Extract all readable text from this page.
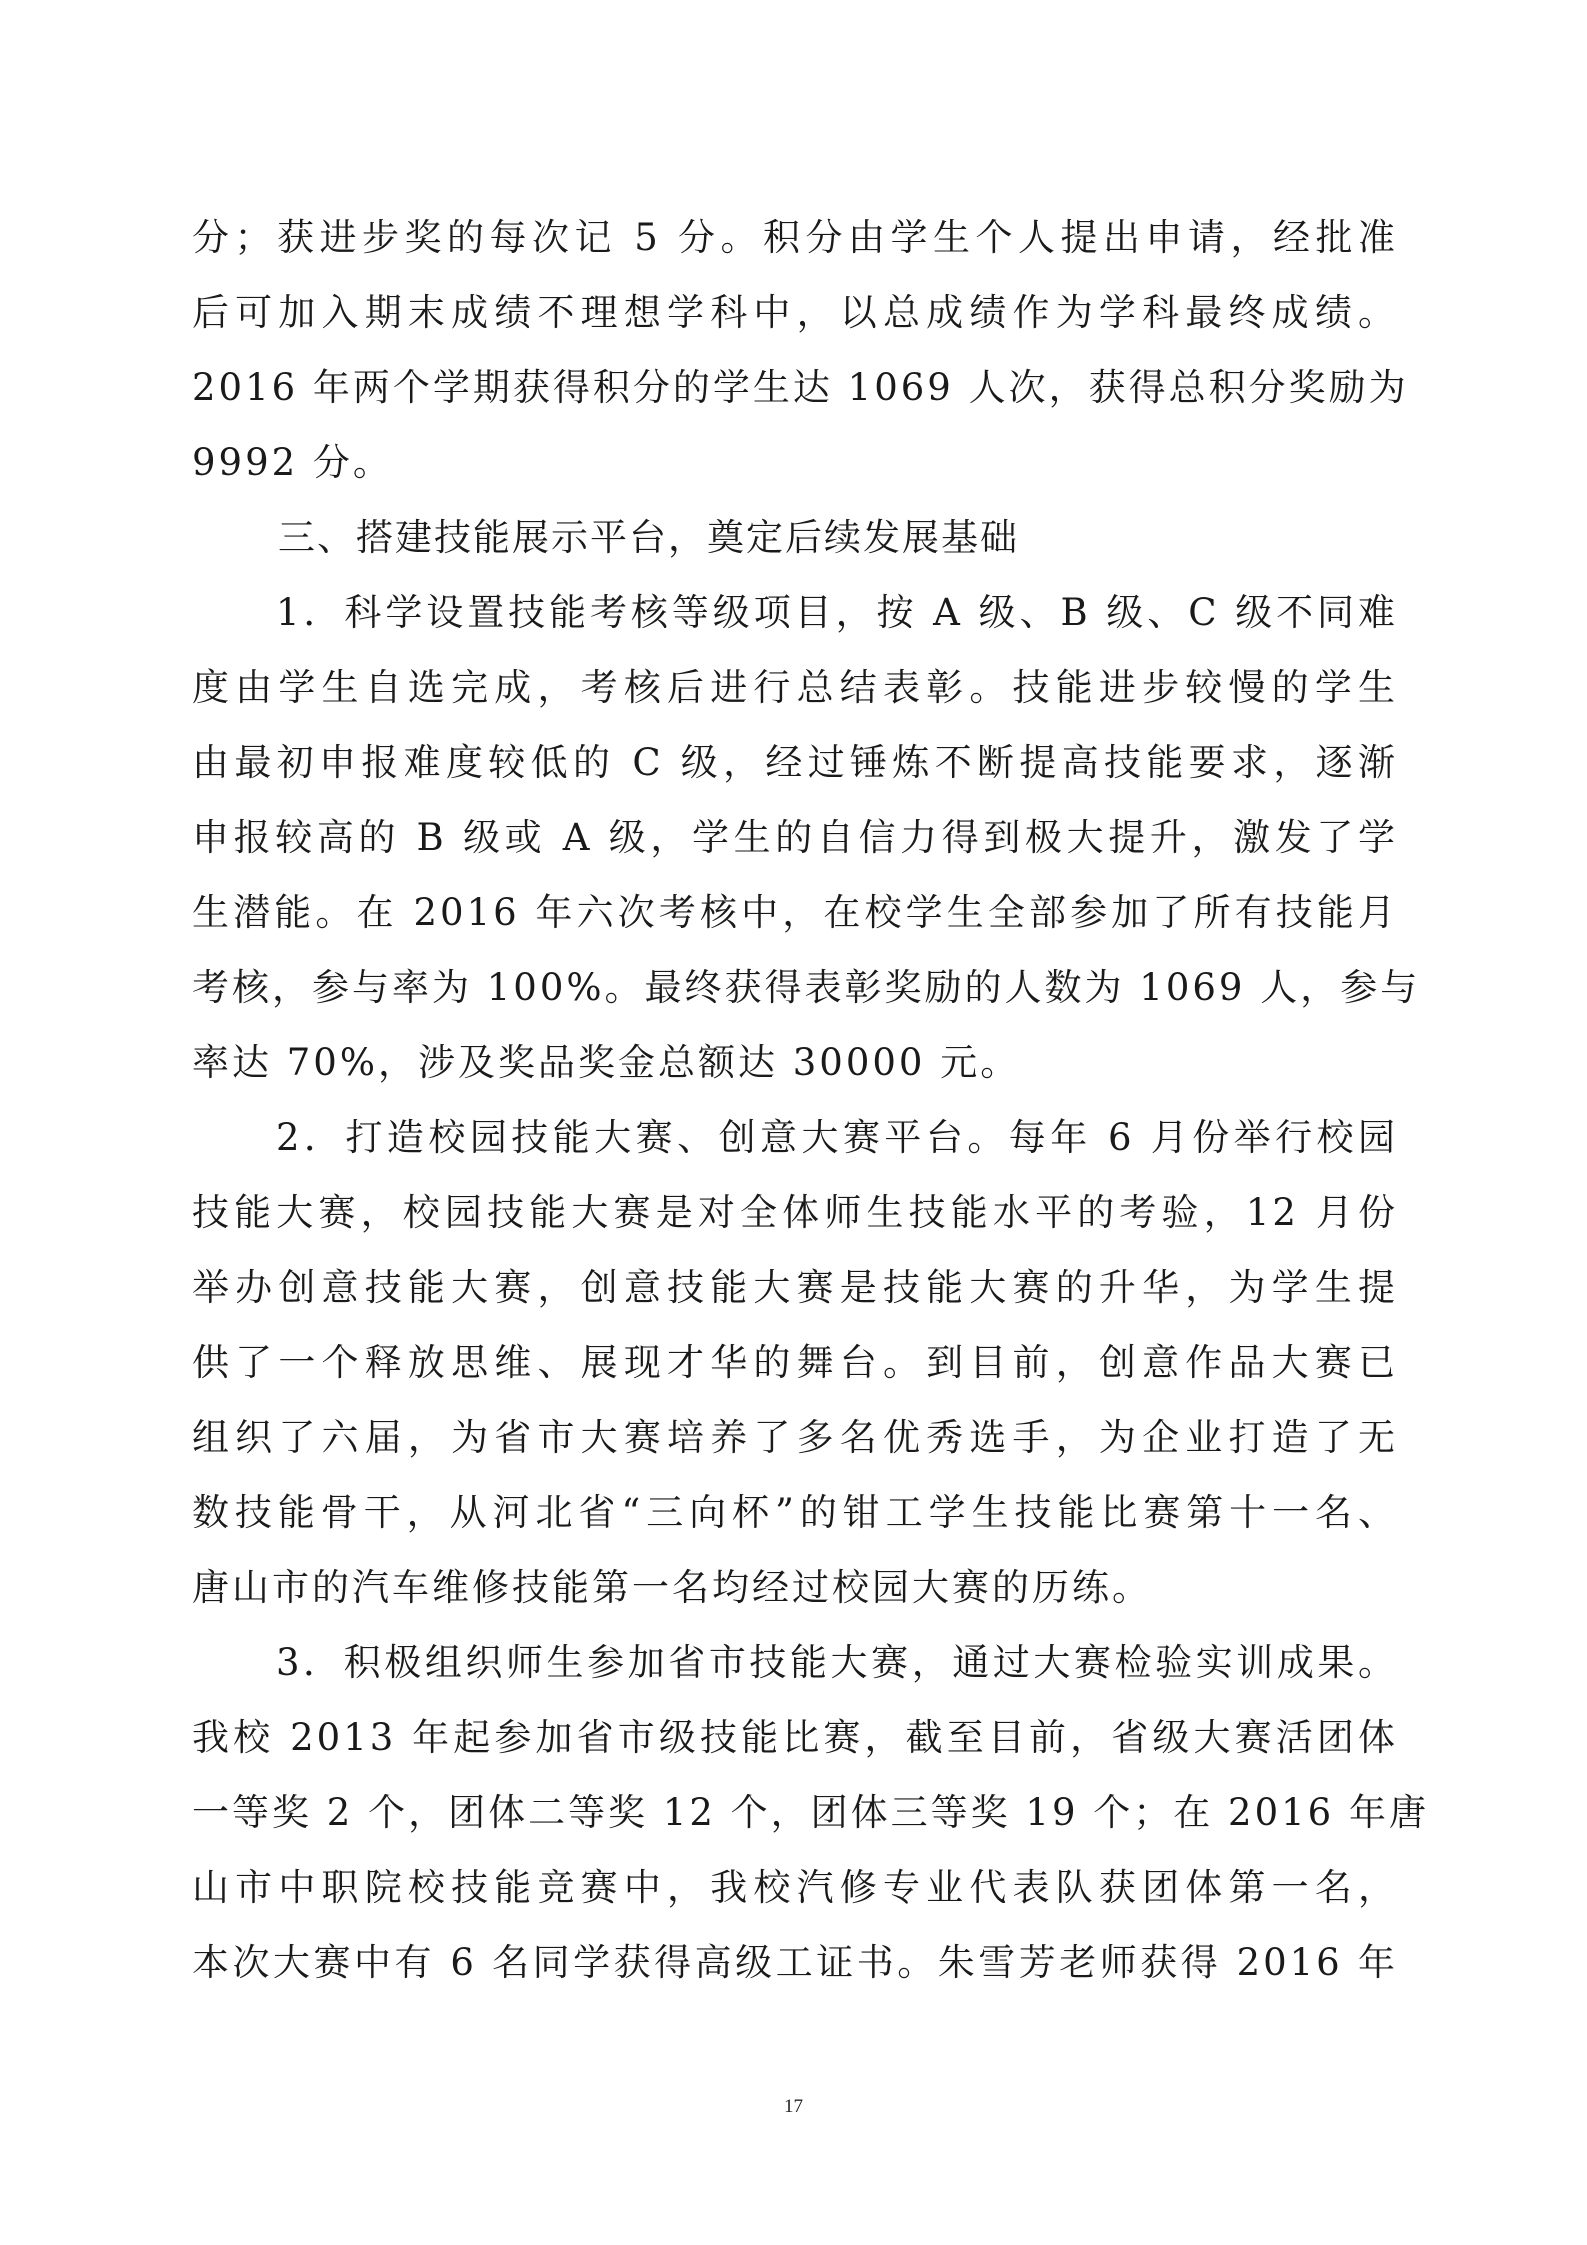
分；获进步奖的每次记 5 分。积分由学生个人提出申请，经批准
后可加入期末成绩不理想学科中，以总成绩作为学科最终成绩。
2016 年两个学期获得积分的学生达 1069 人次，获得总积分奖励为
9992 分。
三、搭建技能展示平台，奠定后续发展基础
1．科学设置技能考核等级项目，按 A 级、B 级、C 级不同难
度由学生自选完成，考核后进行总结表彰。技能进步较慢的学生
由最初申报难度较低的 C 级，经过锤炼不断提高技能要求，逐渐
申报较高的 B 级或 A 级，学生的自信力得到极大提升，激发了学
生潜能。在 2016 年六次考核中，在校学生全部参加了所有技能月
考核，参与率为 100%。最终获得表彰奖励的人数为 1069 人，参与
率达 70%，涉及奖品奖金总额达 30000 元。
2．打造校园技能大赛、创意大赛平台。每年 6 月份举行校园
技能大赛，校园技能大赛是对全体师生技能水平的考验，12 月份
举办创意技能大赛，创意技能大赛是技能大赛的升华，为学生提
供了一个释放思维、展现才华的舞台。到目前，创意作品大赛已
组织了六届，为省市大赛培养了多名优秀选手，为企业打造了无
数技能骨干，从河北省“三向杯”的钳工学生技能比赛第十一名、
唐山市的汽车维修技能第一名均经过校园大赛的历练。
3．积极组织师生参加省市技能大赛，通过大赛检验实训成果。
我校 2013 年起参加省市级技能比赛，截至目前，省级大赛活团体
一等奖 2 个，团体二等奖 12 个，团体三等奖 19 个；在 2016 年唐
山市中职院校技能竞赛中，我校汽修专业代表队获团体第一名，
本次大赛中有 6 名同学获得高级工证书。朱雪芳老师获得 2016 年
17
